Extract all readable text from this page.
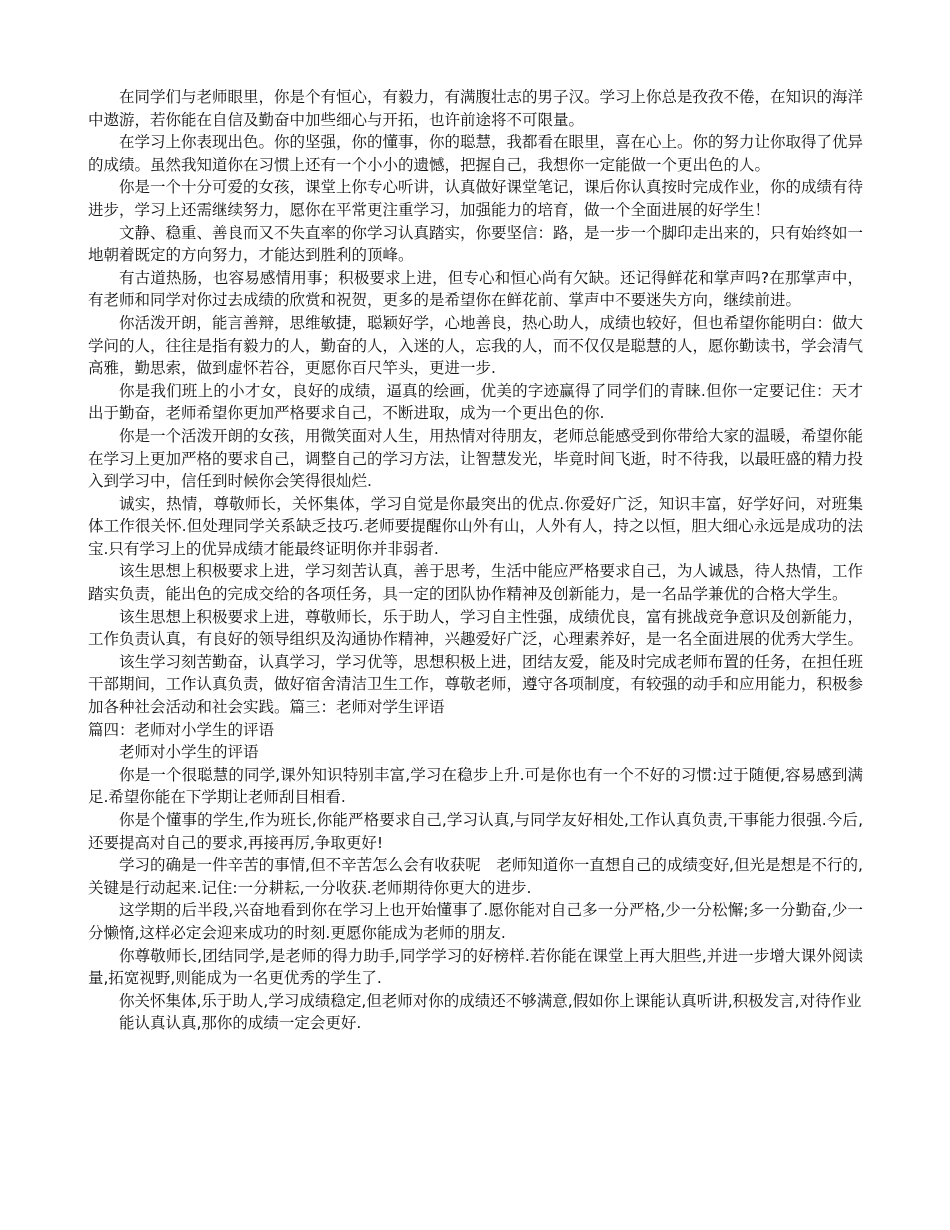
在同学们与老师眼里，你是个有恒心，有毅力，有满腹壮志的男子汉。学习上你总是孜孜不倦，在知识的海洋中遨游，若你能在自信及勤奋中加些细心与开拓，也许前途将不可限量。

在学习上你表现出色。你的坚强，你的懂事，你的聪慧，我都看在眼里，喜在心上。你的努力让你取得了优异的成绩。虽然我知道你在习惯上还有一个小小的遗憾，把握自己，我想你一定能做一个更出色的人。

你是一个十分可爱的女孩，课堂上你专心听讲，认真做好课堂笔记，课后你认真按时完成作业，你的成绩有待进步，学习上还需继续努力，愿你在平常更注重学习，加强能力的培育，做一个全面进展的好学生！

文静、稳重、善良而又不失直率的你学习认真踏实，你要坚信：路，是一步一个脚印走出来的，只有始终如一地朝着既定的方向努力，才能达到胜利的顶峰。

有古道热肠，也容易感情用事；积极要求上进，但专心和恒心尚有欠缺。还记得鲜花和掌声吗?在那掌声中，有老师和同学对你过去成绩的欣赏和祝贺，更多的是希望你在鲜花前、掌声中不要迷失方向，继续前进。

你活泼开朗，能言善辩，思维敏捷，聪颖好学，心地善良，热心助人，成绩也较好，但也希望你能明白：做大学问的人，往往是指有毅力的人，勤奋的人，入迷的人，忘我的人，而不仅仅是聪慧的人，愿你勤读书，学会清气高雅，勤思索，做到虚怀若谷，更愿你百尺竿头，更进一步.

你是我们班上的小才女，良好的成绩，逼真的绘画，优美的字迹赢得了同学们的青睐.但你一定要记住：天才出于勤奋，老师希望你更加严格要求自己，不断进取，成为一个更出色的你.

你是一个活泼开朗的女孩，用微笑面对人生，用热情对待朋友，老师总能感受到你带给大家的温暖，希望你能在学习上更加严格的要求自己，调整自己的学习方法，让智慧发光，毕竟时间飞逝，时不待我，以最旺盛的精力投入到学习中，信任到时候你会笑得很灿烂.

诚实，热情，尊敬师长，关怀集体，学习自觉是你最突出的优点.你爱好广泛，知识丰富，好学好问，对班集体工作很关怀.但处理同学关系缺乏技巧.老师要提醒你山外有山，人外有人，持之以恒，胆大细心永远是成功的法宝.只有学习上的优异成绩才能最终证明你并非弱者.

该生思想上积极要求上进，学习刻苦认真，善于思考，生活中能应严格要求自己，为人诚恳，待人热情，工作踏实负责，能出色的完成交给的各项任务，具一定的团队协作精神及创新能力，是一名品学兼优的合格大学生。

该生思想上积极要求上进，尊敬师长，乐于助人，学习自主性强，成绩优良，富有挑战竞争意识及创新能力，工作负责认真，有良好的领导组织及沟通协作精神，兴趣爱好广泛，心理素养好，是一名全面进展的优秀大学生。

该生学习刻苦勤奋，认真学习，学习优等，思想积极上进，团结友爱，能及时完成老师布置的任务，在担任班干部期间，工作认真负责，做好宿舍清洁卫生工作，尊敬老师，遵守各项制度，有较强的动手和应用能力，积极参加各种社会活动和社会实践。篇三：老师对学生评语

篇四：老师对小学生的评语

老师对小学生的评语

你是一个很聪慧的同学,课外知识特别丰富,学习在稳步上升.可是你也有一个不好的习惯:过于随便,容易感到满足.希望你能在下学期让老师刮目相看.

你是个懂事的学生,作为班长,你能严格要求自己,学习认真,与同学友好相处,工作认真负责,干事能力很强.今后,还要提高对自己的要求,再接再厉,争取更好!

学习的确是一件辛苦的事情,但不辛苦怎么会有收获呢　老师知道你一直想自己的成绩变好,但光是想是不行的,关键是行动起来.记住:一分耕耘,一分收获.老师期待你更大的进步.

这学期的后半段,兴奋地看到你在学习上也开始懂事了.愿你能对自己多一分严格,少一分松懈;多一分勤奋,少一分懒惰,这样必定会迎来成功的时刻.更愿你能成为老师的朋友.

你尊敬师长,团结同学,是老师的得力助手,同学学习的好榜样.若你能在课堂上再大胆些,并进一步增大课外阅读量,拓宽视野,则能成为一名更优秀的学生了.

你关怀集体,乐于助人,学习成绩稳定,但老师对你的成绩还不够满意,假如你上课能认真听讲,积极发言,对待作业

能认真认真,那你的成绩一定会更好.
